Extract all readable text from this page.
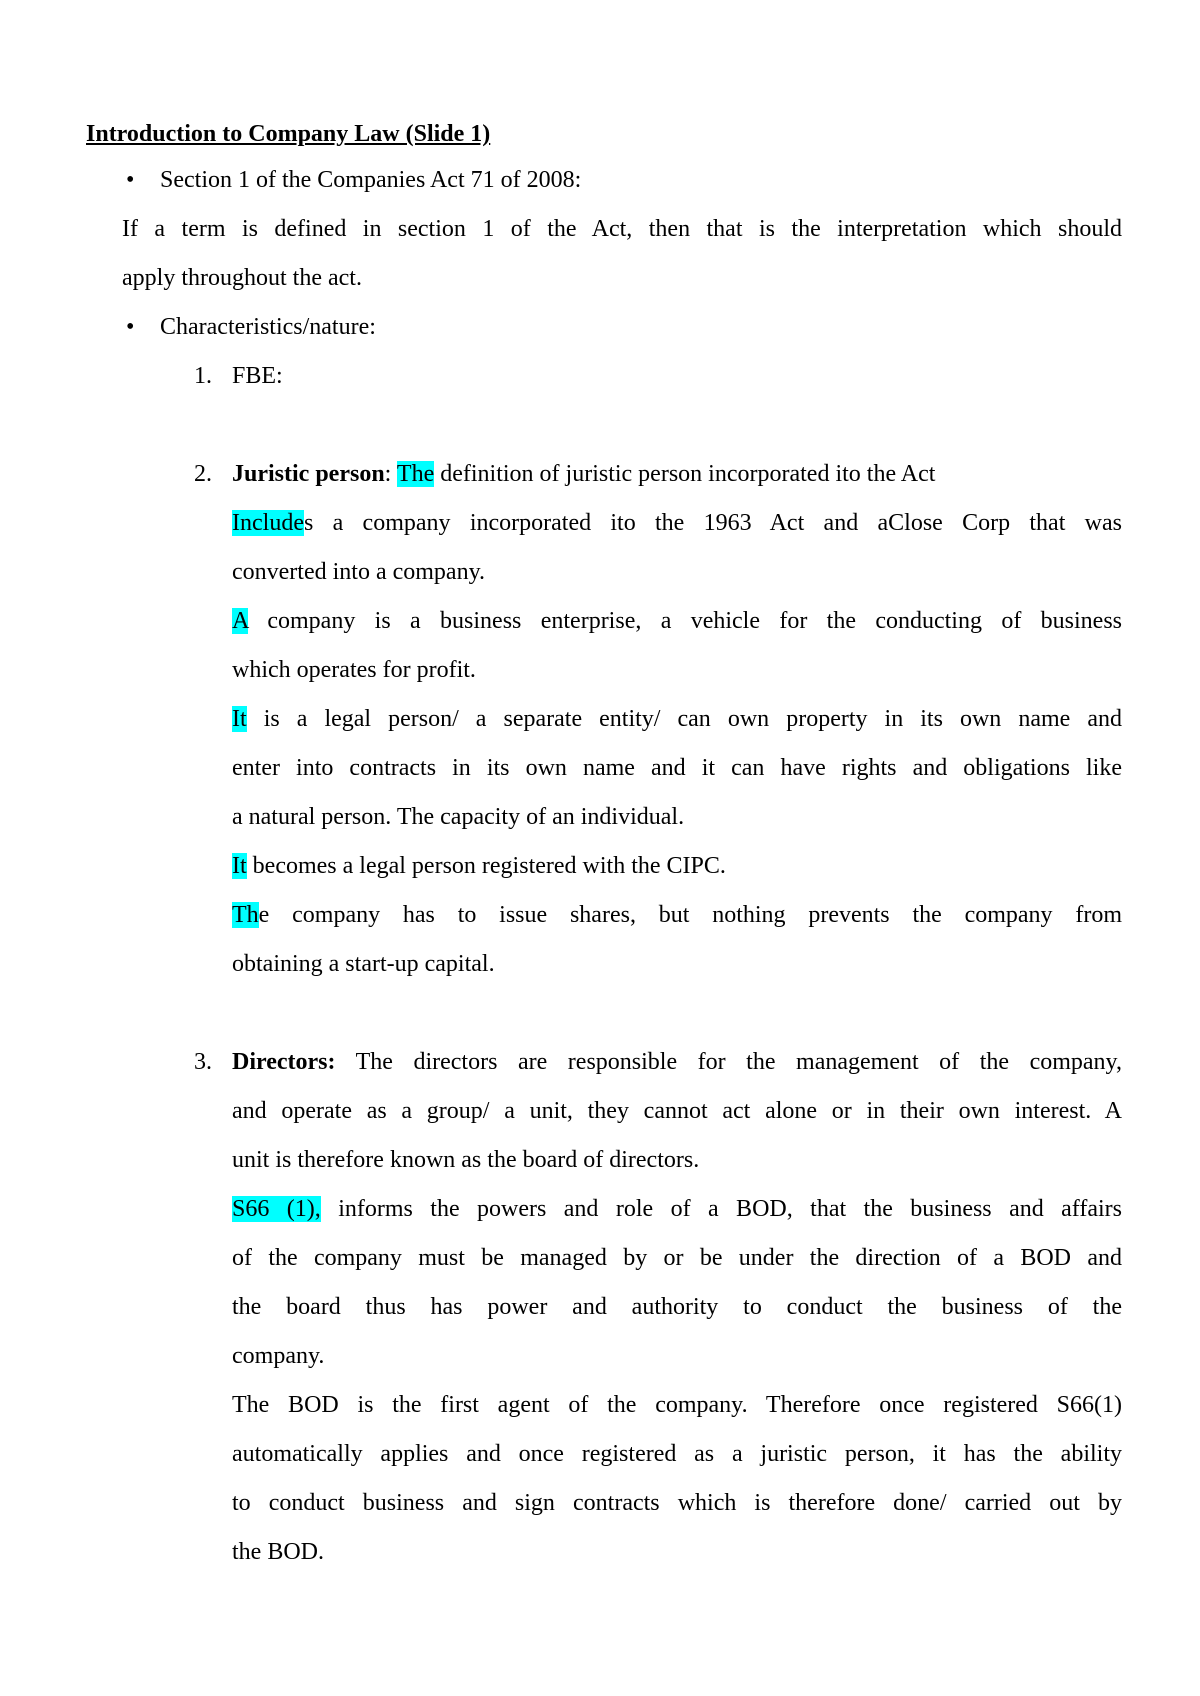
Introduction to Company Law (Slide 1)
• Section 1 of the Companies Act 71 of 2008:
If a term is defined in section 1 of the Act, then that is the interpretation which should
apply throughout the act.
• Characteristics/nature:
1. FBE:
2. Juristic person: The definition of juristic person incorporated ito the Act
Includes a company incorporated ito the 1963 Act and aClose Corp that was
converted into a company.
A company is a business enterprise, a vehicle for the conducting of business
which operates for profit.
It is a legal person/ a separate entity/ can own property in its own name and
enter into contracts in its own name and it can have rights and obligations like
a natural person. The capacity of an individual.
It becomes a legal person registered with the CIPC.
The company has to issue shares, but nothing prevents the company from
obtaining a start-up capital.
3. Directors: The directors are responsible for the management of the company,
and operate as a group/ a unit, they cannot act alone or in their own interest. A
unit is therefore known as the board of directors.
S66 (1), informs the powers and role of a BOD, that the business and affairs
of the company must be managed by or be under the direction of a BOD and
the board thus has power and authority to conduct the business of the
company.
The BOD is the first agent of the company. Therefore once registered S66(1)
automatically applies and once registered as a juristic person, it has the ability
to conduct business and sign contracts which is therefore done/ carried out by
the BOD.
